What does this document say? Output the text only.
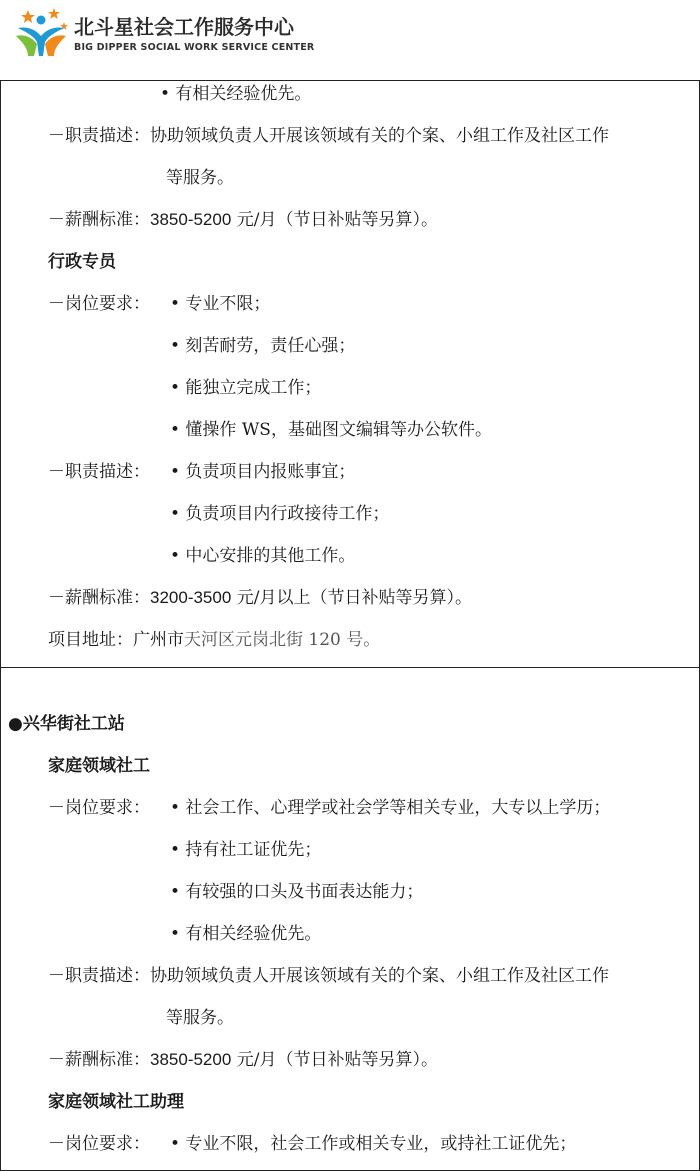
北斗星社会工作服务中心
BIG DIPPER SOCIAL WORK SERVICE CENTER
• 有相关经验优先。
－职责描述：协助领域负责人开展该领域有关的个案、小组工作及社区工作
等服务。
－薪酬标准：3850-5200 元/月（节日补贴等另算）。
行政专员
－岗位要求： • 专业不限；
• 刻苦耐劳，责任心强；
• 能独立完成工作；
• 懂操作 WS，基础图文编辑等办公软件。
－职责描述： • 负责项目内报账事宜；
• 负责项目内行政接待工作；
• 中心安排的其他工作。
－薪酬标准：3200-3500 元/月以上（节日补贴等另算）。
项目地址：广州市天河区元岗北街 120 号。
●兴华街社工站
家庭领域社工
－岗位要求： • 社会工作、心理学或社会学等相关专业，大专以上学历；
• 持有社工证优先；
• 有较强的口头及书面表达能力；
• 有相关经验优先。
－职责描述：协助领域负责人开展该领域有关的个案、小组工作及社区工作
等服务。
－薪酬标准：3850-5200 元/月（节日补贴等另算）。
家庭领域社工助理
－岗位要求： • 专业不限，社会工作或相关专业，或持社工证优先；
